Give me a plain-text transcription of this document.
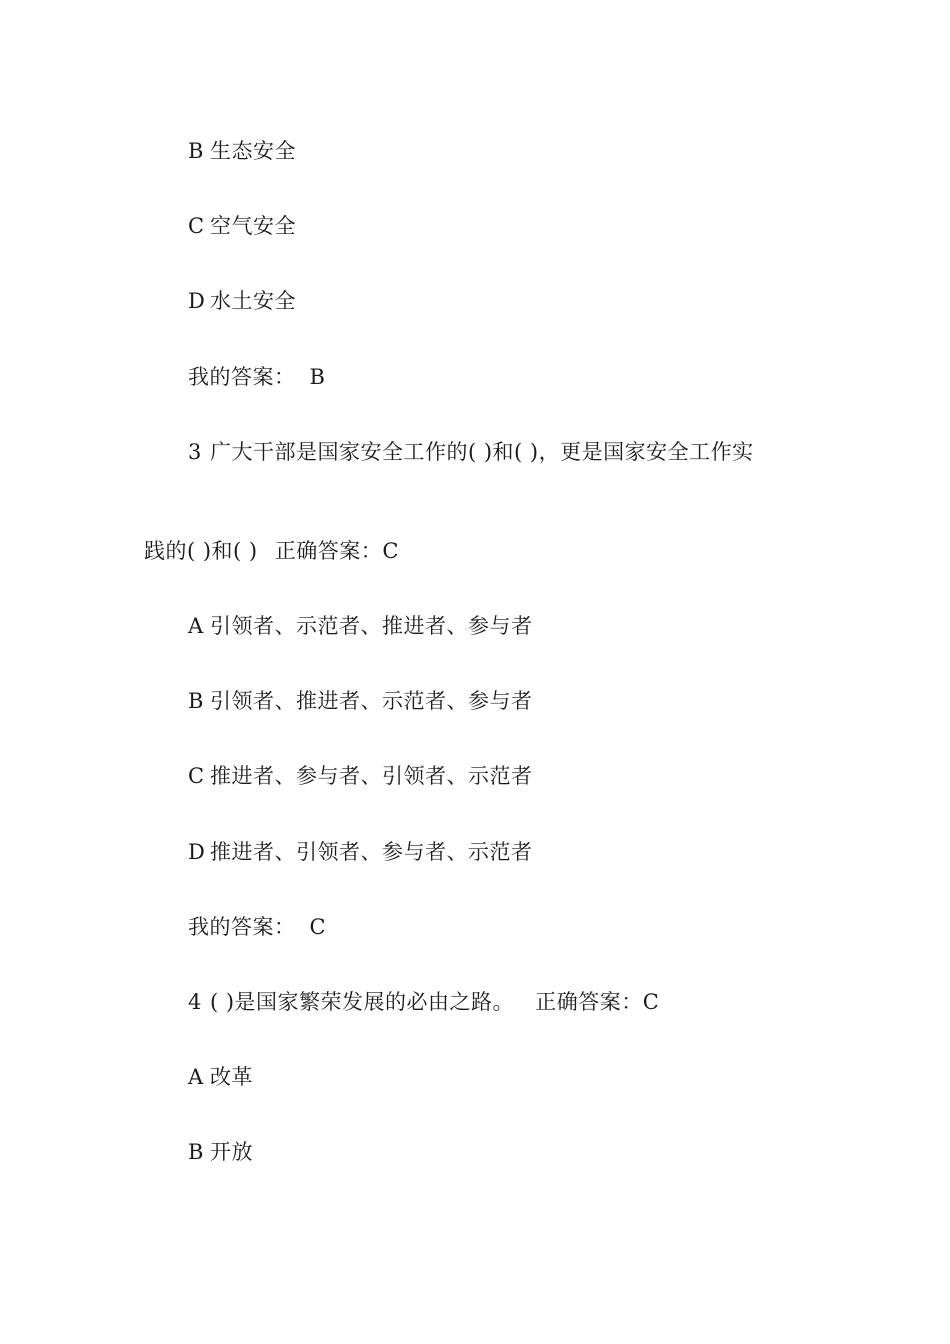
B 生态安全
C 空气安全
D 水土安全
我的答案： B
3 广大干部是国家安全工作的( )和( )，更是国家安全工作实
践的( )和( ) 正确答案：C
A 引领者、示范者、推进者、参与者
B 引领者、推进者、示范者、参与者
C 推进者、参与者、引领者、示范者
D 推进者、引领者、参与者、示范者
我的答案： C
4 ( )是国家繁荣发展的必由之路。 正确答案：C
A 改革
B 开放
